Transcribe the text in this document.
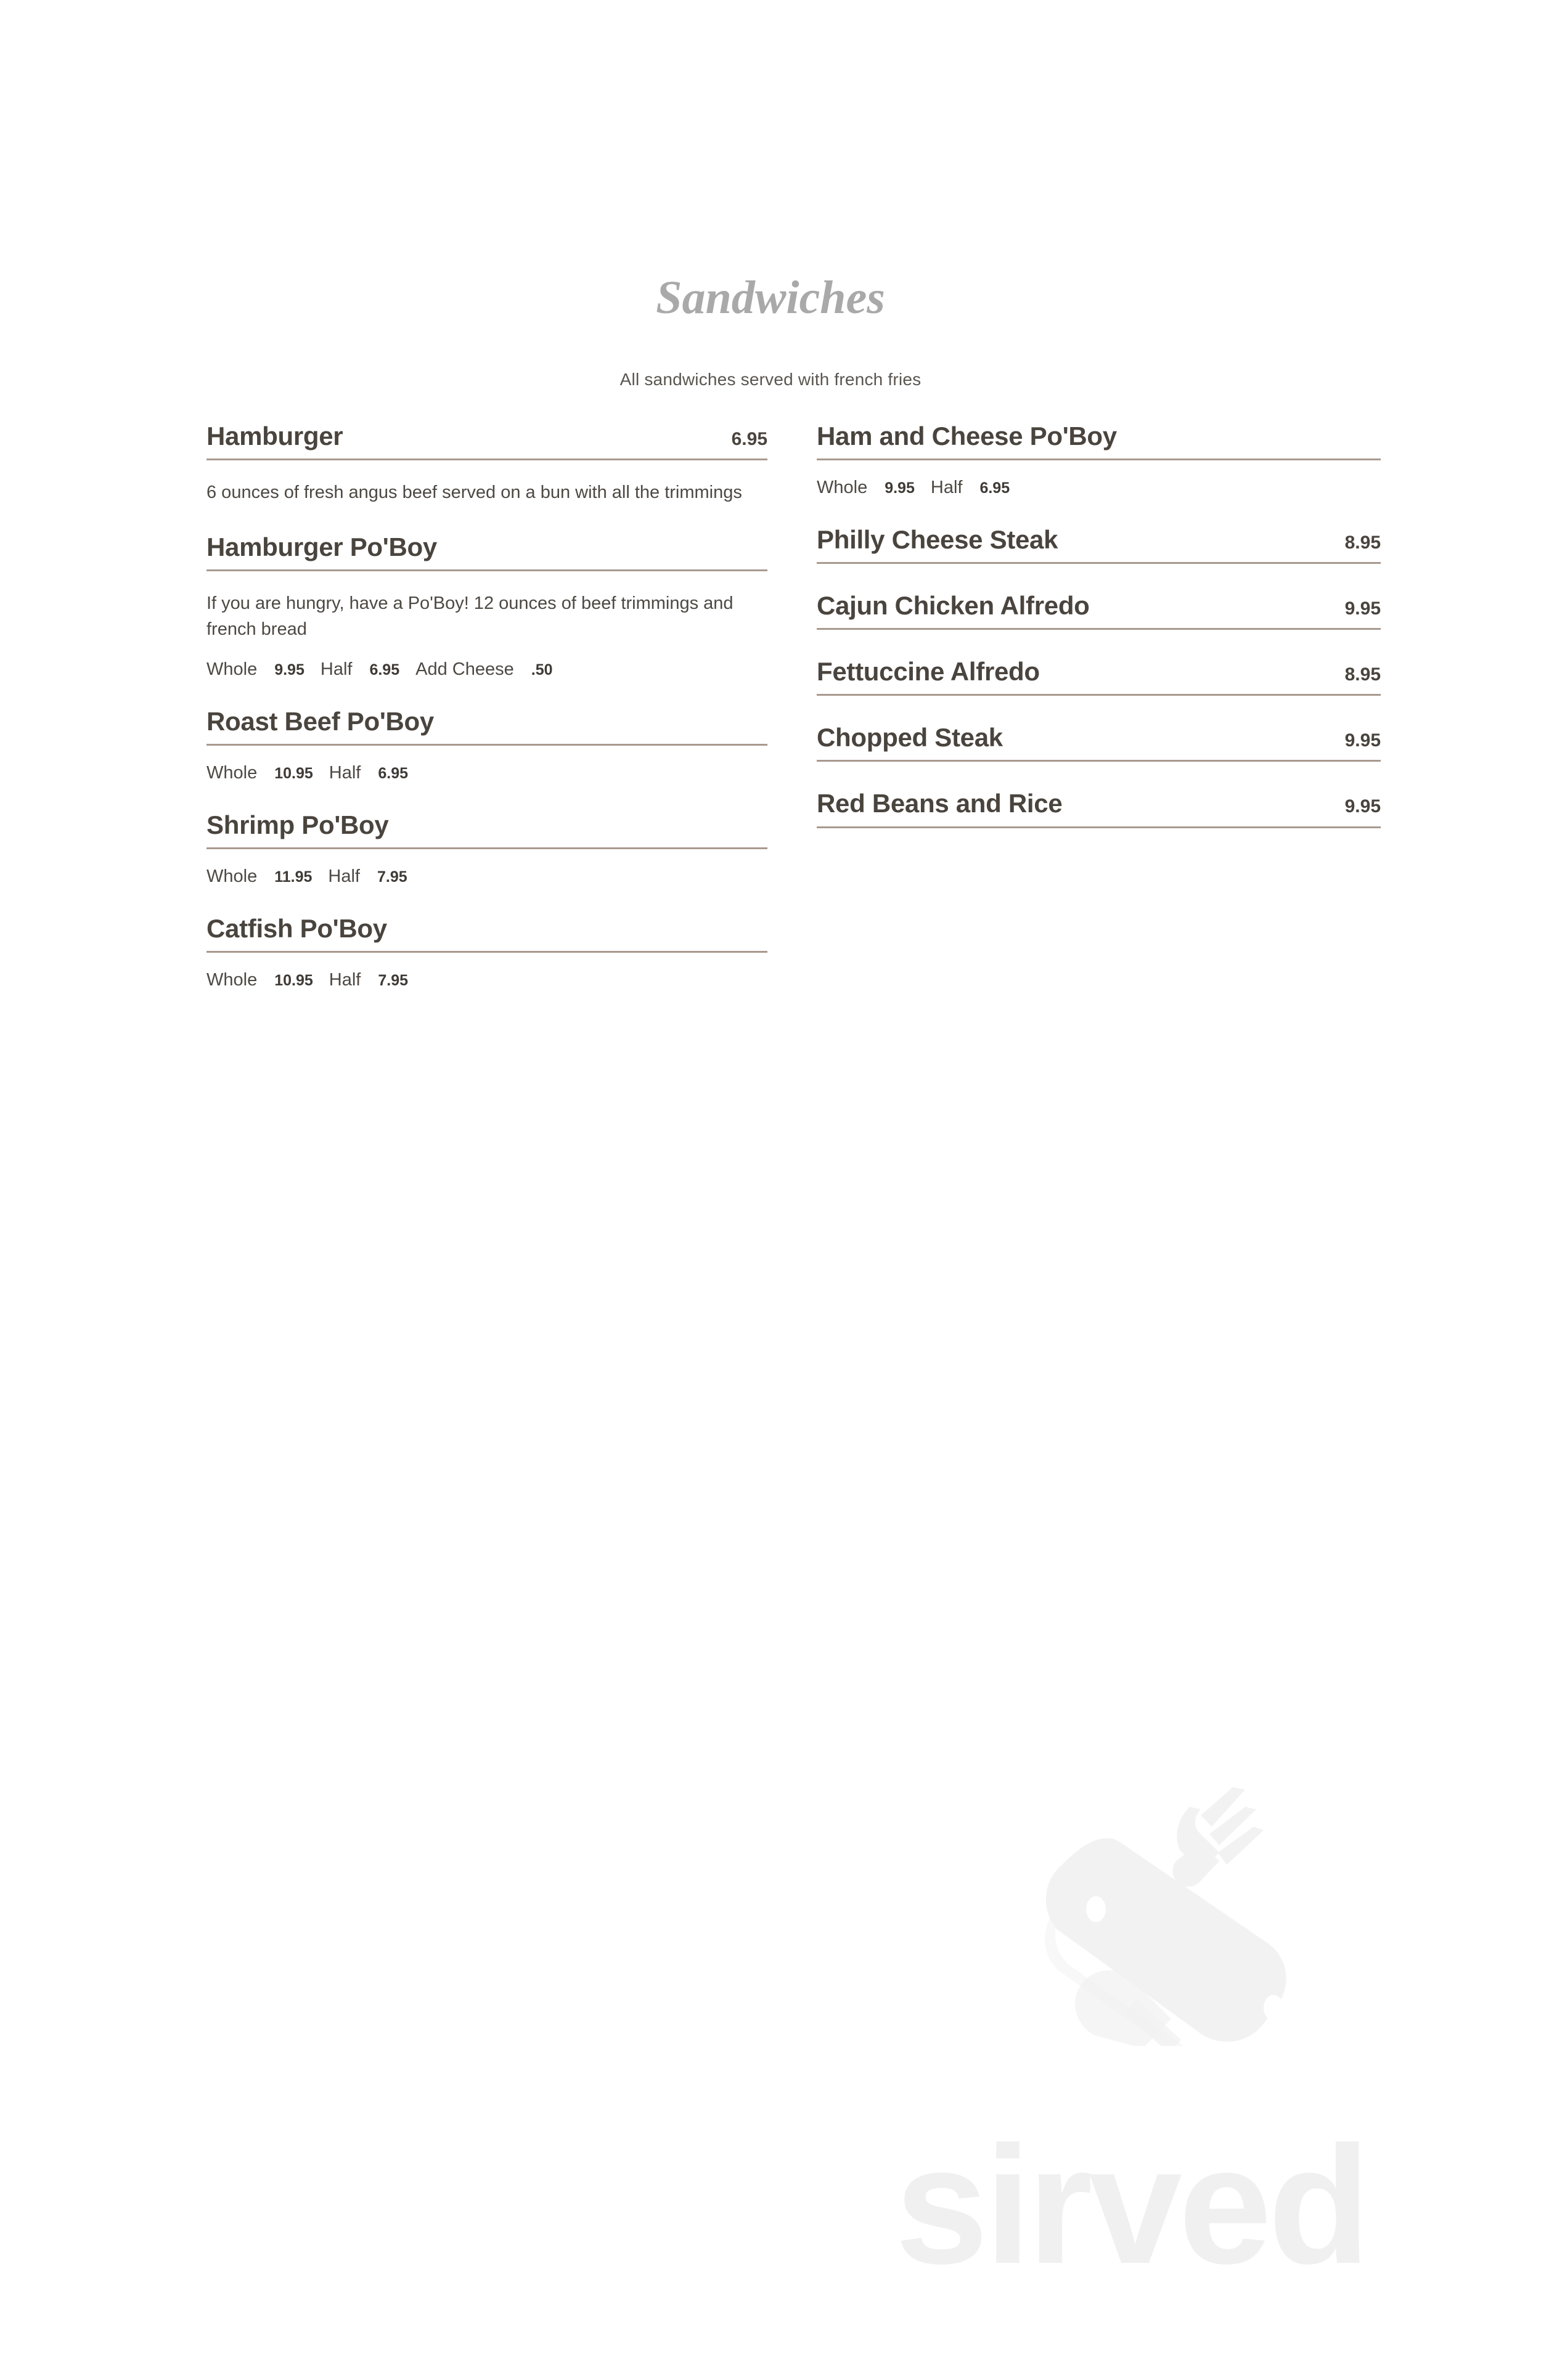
sirved
Sandwiches
All sandwiches served with french fries
Hamburger	6.95
6 ounces of fresh angus beef served on a bun with all the trimmings
Hamburger Po'Boy
If you are hungry, have a Po'Boy! 12 ounces of beef trimmings and french bread
Whole 9.95 Half 6.95 Add Cheese .50
Roast Beef Po'Boy
Whole 10.95 Half 6.95
Shrimp Po'Boy
Whole 11.95 Half 7.95
Catfish Po'Boy
Whole 10.95 Half 7.95
Ham and Cheese Po'Boy
Whole 9.95 Half 6.95
Philly Cheese Steak	8.95
Cajun Chicken Alfredo	9.95
Fettuccine Alfredo	8.95
Chopped Steak	9.95
Red Beans and Rice	9.95
